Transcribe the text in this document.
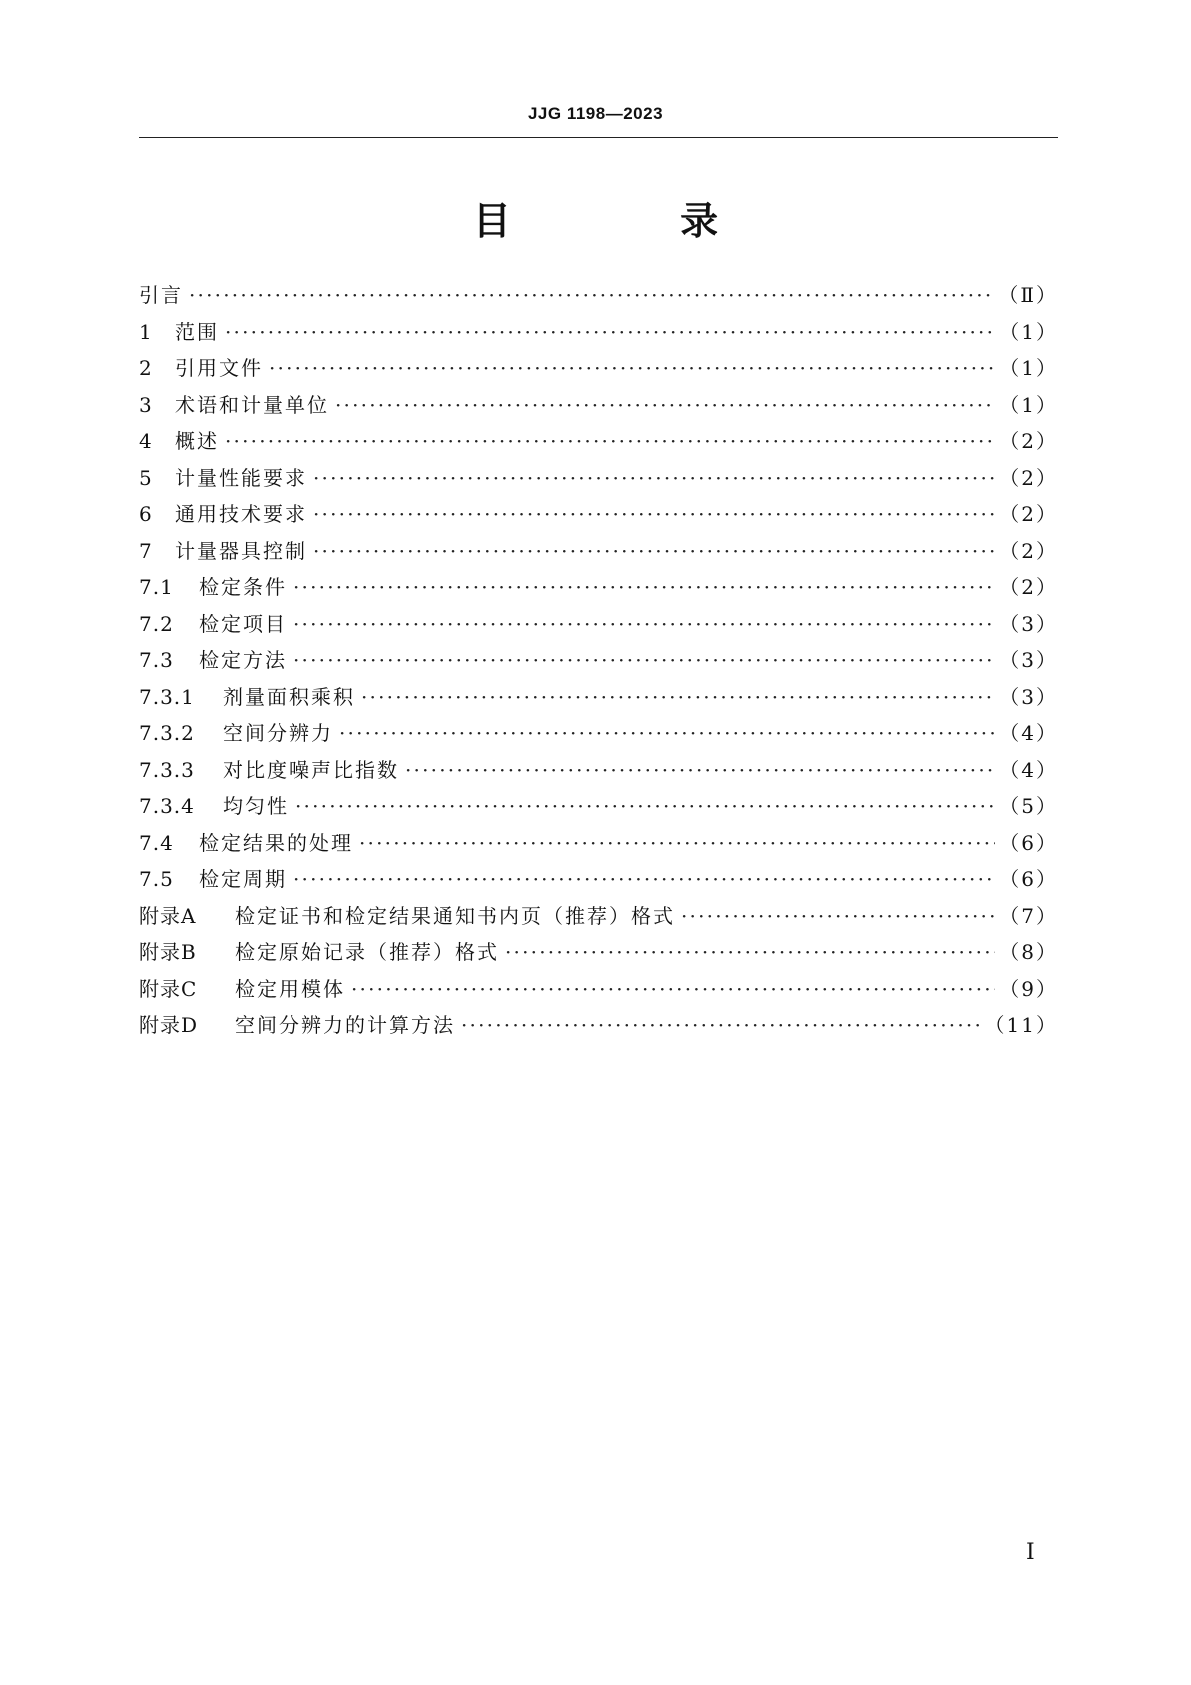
JJG 1198—2023
目 录
引言 ·····	（Ⅱ）
1	范围 ·····	（1）
2	引用文件 ·····	（1）
3	术语和计量单位 ·····	（1）
4	概述 ·····	（2）
5	计量性能要求 ·····	（2）
6	通用技术要求 ·····	（2）
7	计量器具控制 ·····	（2）
7.1	检定条件 ·····	（2）
7.2	检定项目 ·····	（3）
7.3	检定方法 ·····	（3）
7.3.1	剂量面积乘积 ·····	（3）
7.3.2	空间分辨力 ·····	（4）
7.3.3	对比度噪声比指数 ·····	（4）
7.3.4	均匀性 ·····	（5）
7.4	检定结果的处理 ·····	（6）
7.5	检定周期 ·····	（6）
附录A	检定证书和检定结果通知书内页（推荐）格式 ·····	（7）
附录B	检定原始记录（推荐）格式 ·····	（8）
附录C	检定用模体 ·····	（9）
附录D	空间分辨力的计算方法 ·····	（11）
I
